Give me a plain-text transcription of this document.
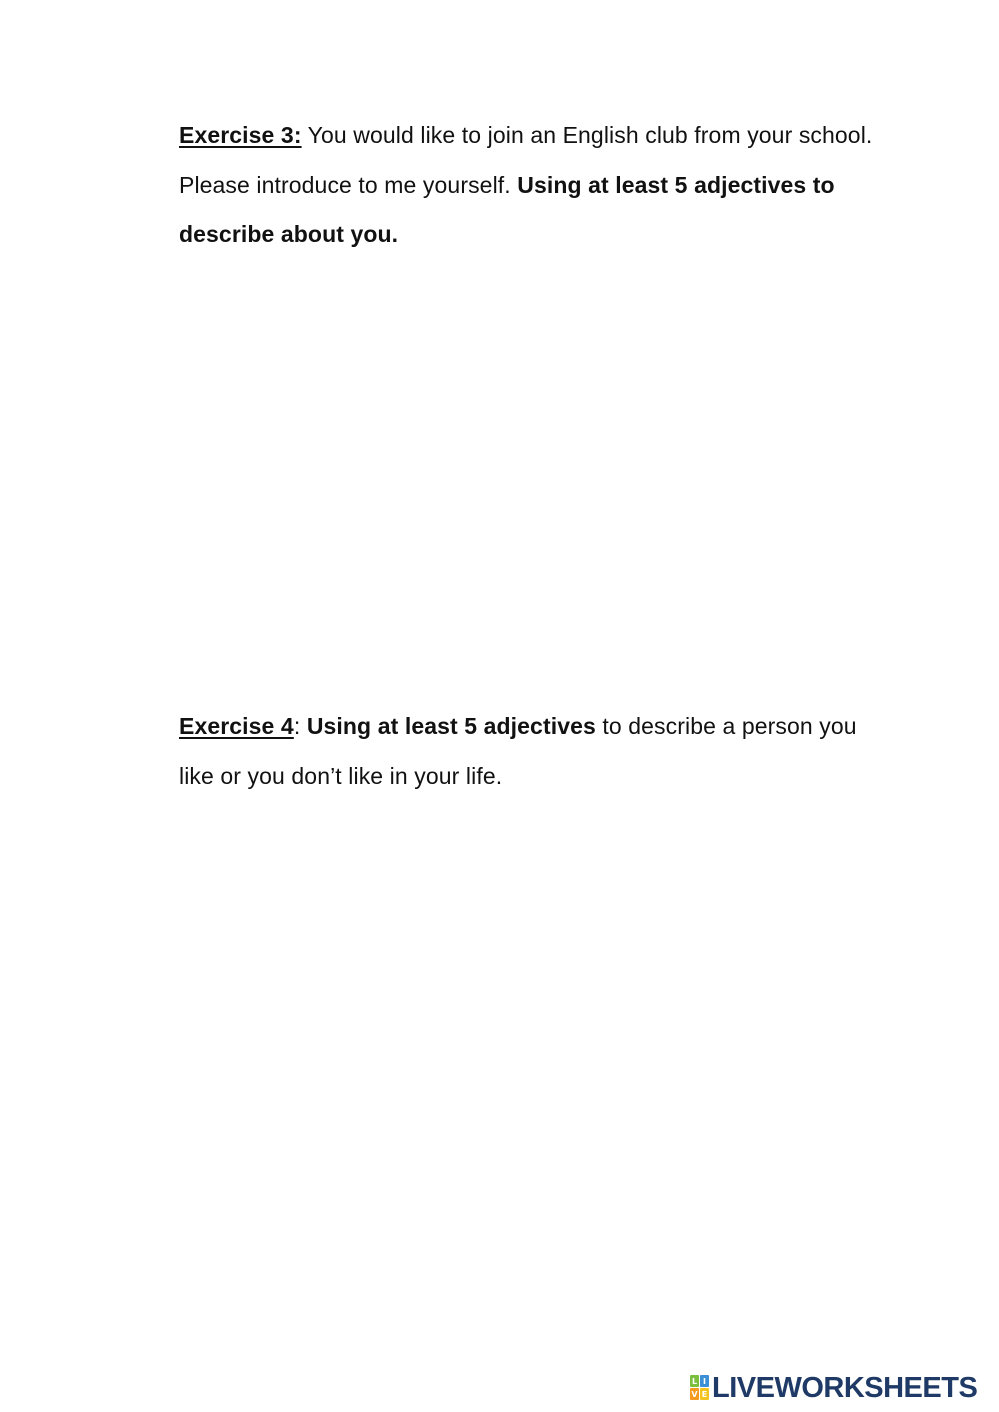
Exercise 3: You would like to join an English club from your school. Please introduce to me yourself. Using at least 5 adjectives to describe about you.
Exercise 4: Using at least 5 adjectives to describe a person you like or you don’t like in your life.
L I
V E LIVEWORKSHEETS
